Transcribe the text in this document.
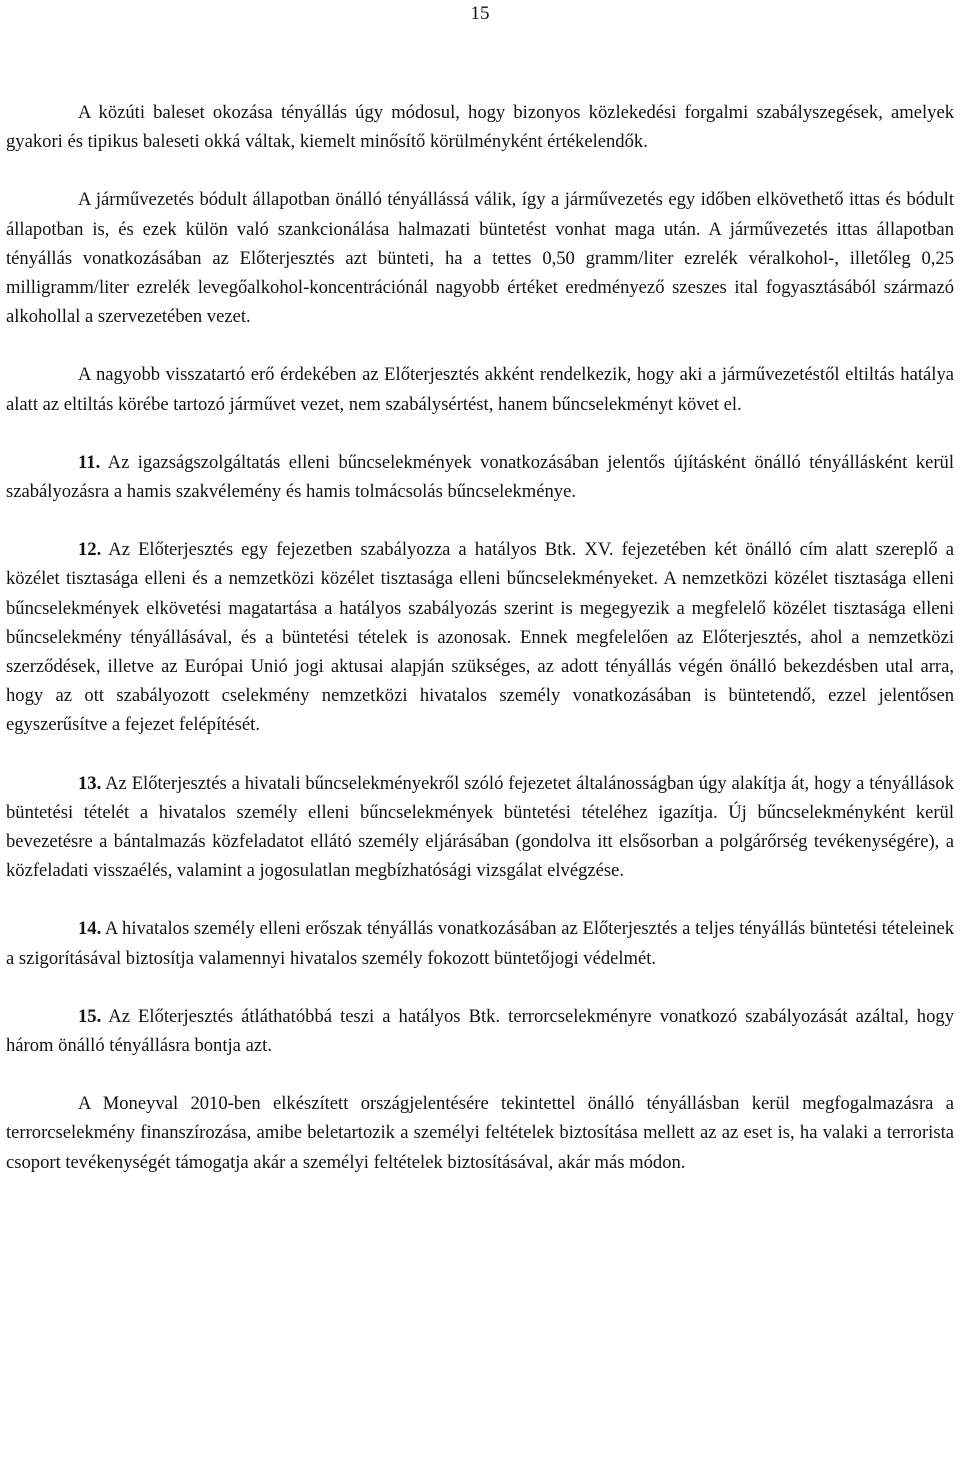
15

A közúti baleset okozása tényállás úgy módosul, hogy bizonyos közlekedési forgalmi szabályszegések, amelyek gyakori és tipikus baleseti okká váltak, kiemelt minősítő körülményként értékelendők.

A járművezetés bódult állapotban önálló tényállássá válik, így a járművezetés egy időben elkövethető ittas és bódult állapotban is, és ezek külön való szankcionálása halmazati büntetést vonhat maga után. A járművezetés ittas állapotban tényállás vonatkozásában az Előterjesztés azt bünteti, ha a tettes 0,50 gramm/liter ezrelék véralkohol-, illetőleg 0,25 milligramm/liter ezrelék levegőalkohol-koncentrációnál nagyobb értéket eredményező szeszes ital fogyasztásából származó alkohollal a szervezetében vezet.

A nagyobb visszatartó erő érdekében az Előterjesztés akként rendelkezik, hogy aki a járművezetéstől eltiltás hatálya alatt az eltiltás körébe tartozó járművet vezet, nem szabálysértést, hanem bűncselekményt követ el.

11. Az igazságszolgáltatás elleni bűncselekmények vonatkozásában jelentős újításként önálló tényállásként kerül szabályozásra a hamis szakvélemény és hamis tolmácsolás bűncselekménye.

12. Az Előterjesztés egy fejezetben szabályozza a hatályos Btk. XV. fejezetében két önálló cím alatt szereplő a közélet tisztasága elleni és a nemzetközi közélet tisztasága elleni bűncselekményeket. A nemzetközi közélet tisztasága elleni bűncselekmények elkövetési magatartása a hatályos szabályozás szerint is megegyezik a megfelelő közélet tisztasága elleni bűncselekmény tényállásával, és a büntetési tételek is azonosak. Ennek megfelelően az Előterjesztés, ahol a nemzetközi szerződések, illetve az Európai Unió jogi aktusai alapján szükséges, az adott tényállás végén önálló bekezdésben utal arra, hogy az ott szabályozott cselekmény nemzetközi hivatalos személy vonatkozásában is büntetendő, ezzel jelentősen egyszerűsítve a fejezet felépítését.

13. Az Előterjesztés a hivatali bűncselekményekről szóló fejezetet általánosságban úgy alakítja át, hogy a tényállások büntetési tételét a hivatalos személy elleni bűncselekmények büntetési tételéhez igazítja. Új bűncselekményként kerül bevezetésre a bántalmazás közfeladatot ellátó személy eljárásában (gondolva itt elsősorban a polgárőrség tevékenységére), a közfeladati visszaélés, valamint a jogosulatlan megbízhatósági vizsgálat elvégzése.

14. A hivatalos személy elleni erőszak tényállás vonatkozásában az Előterjesztés a teljes tényállás büntetési tételeinek a szigorításával biztosítja valamennyi hivatalos személy fokozott büntetőjogi védelmét.

15. Az Előterjesztés átláthatóbbá teszi a hatályos Btk. terrorcselekményre vonatkozó szabályozását azáltal, hogy három önálló tényállásra bontja azt.

A Moneyval 2010-ben elkészített országjelentésére tekintettel önálló tényállásban kerül megfogalmazásra a terrorcselekmény finanszírozása, amibe beletartozik a személyi feltételek biztosítása mellett az az eset is, ha valaki a terrorista csoport tevékenységét támogatja akár a személyi feltételek biztosításával, akár más módon.
